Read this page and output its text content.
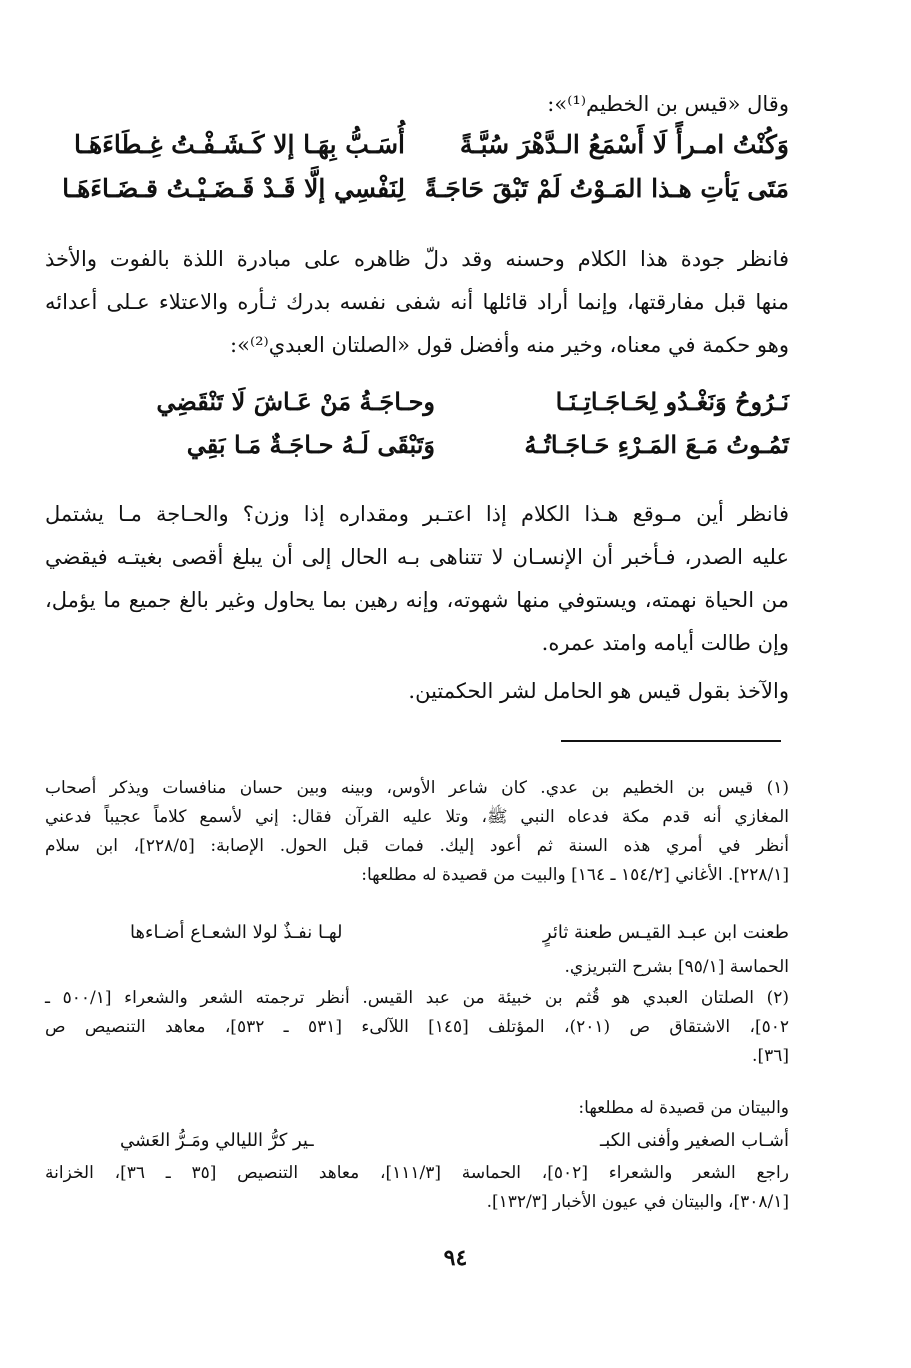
وقال «قيس بن الخطيم⁽¹⁾»:
وَكُنْتُ امـرأً لَا أَسْمَعُ الـدَّهْرَ سُبَّـةً
أُسَـبُّ بِهَـا إلا كَـشَـفْـتُ غِـطَاءَهَـا
مَتَى يَأتِ هـذا المَـوْتُ لَمْ تَبْقَ حَاجَـةً
لِنَفْسِي إلَّا قَـدْ قَـضَـيْـتُ قـضَـاءَهَـا
فانظر جودة هذا الكلام وحسنه وقد دلّ ظاهره على مبادرة اللذة بالفوت والأخذ
منها قبل مفارقتها، وإنما أراد قائلها أنه شفى نفسه بدرك ثـأره والاعتلاء عـلى أعدائه
وهو حكمة في معناه، وخير منه وأفضل قول «الصلتان العبدي⁽²⁾»:
نَـرُوحُ وَنَغْـدُو لِحَـاجَـاتِـنَـا
وحـاجَـةُ مَنْ عَـاشَ لَا تَنْقَضِي
تَمُـوتُ مَـعَ المَـرْءِ حَـاجَـاتُـهُ
وَتَبْقَى لَـهُ حـاجَـةٌ مَـا بَقِي
فانظر أين مـوقع هـذا الكلام إذا اعتـبر ومقداره إذا وزن؟ والحـاجة مـا يشتمل
عليه الصدر، فـأخبر أن الإنسـان لا تتناهى بـه الحال إلى أن يبلغ أقصى بغيتـه فيقضي
من الحياة نهمته، ويستوفي منها شهوته، وإنه رهين بما يحاول وغير بالغ جميع ما يؤمل،
وإن طالت أيامه وامتد عمره.
والآخذ بقول قيس هو الحامل لشر الحكمتين.
(١) قيس بن الخطيم بن عدي. كان شاعر الأوس، وبينه وبين حسان منافسات ويذكر أصحاب
المغازي أنه قدم مكة فدعاه النبي ﷺ، وتلا عليه القرآن فقال: إني لأسمع كلاماً عجيباً فدعني
أنظر في أمري هذه السنة ثم أعود إليك. فمات قبل الحول. الإصابة: [٢٢٨/٥]، ابن سلام
[٢٢٨/١]. الأغاني [١٥٤/٢ ـ ١٦٤] والبيت من قصيدة له مطلعها:
طعنت ابن عبـد القيـس طعنة ثائرٍ
لهـا نفـذٌ لولا الشعـاع أضـاءها
الحماسة [٩٥/١] بشرح التبريزي.
(٢) الصلتان العبدي هو قُثم بن خبيئة من عبد القيس. أنظر ترجمته الشعر والشعراء [٥٠٠/١ ـ
٥٠٢]، الاشتقاق ص (٢٠١)، المؤتلف [١٤٥] اللآلىء [٥٣١ ـ ٥٣٢]، معاهد التنصيص ص
[٣٦].
والبيتان من قصيدة له مطلعها:
أشـاب الصغير وأفنى الكبـ
ـير كرُّ الليالي ومَـرُّ العَشي
راجع الشعر والشعراء [٥٠٢]، الحماسة [١١١/٣]، معاهد التنصيص [٣٥ ـ ٣٦]، الخزانة
[٣٠٨/١]، والبيتان في عيون الأخبار [١٣٢/٣].
٩٤
